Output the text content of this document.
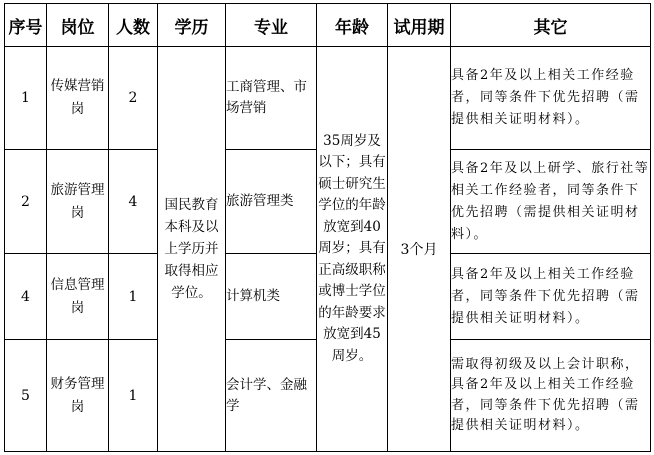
序号	岗位	人数	学历	专业	年龄	试用期	其它
1	传媒营销岗	2	国民教育本科及以上学历并取得相应学位。	工商管理、市场营销	35周岁及以下；具有硕士研究生学位的年龄放宽到40周岁；具有正高级职称或博士学位的年龄要求放宽到45周岁。	3个月	具备2年及以上相关工作经验者，同等条件下优先招聘（需提供相关证明材料）。
2	旅游管理岗	4		旅游管理类			具备2年及以上研学、旅行社等相关工作经验者，同等条件下优先招聘（需提供相关证明材料）。
4	信息管理岗	1		计算机类			具备2年及以上相关工作经验者，同等条件下优先招聘（需提供相关证明材料）。
5	财务管理岗	1		会计学、金融学			需取得初级及以上会计职称，具备2年及以上相关工作经验者，同等条件下优先招聘（需提供相关证明材料）。
